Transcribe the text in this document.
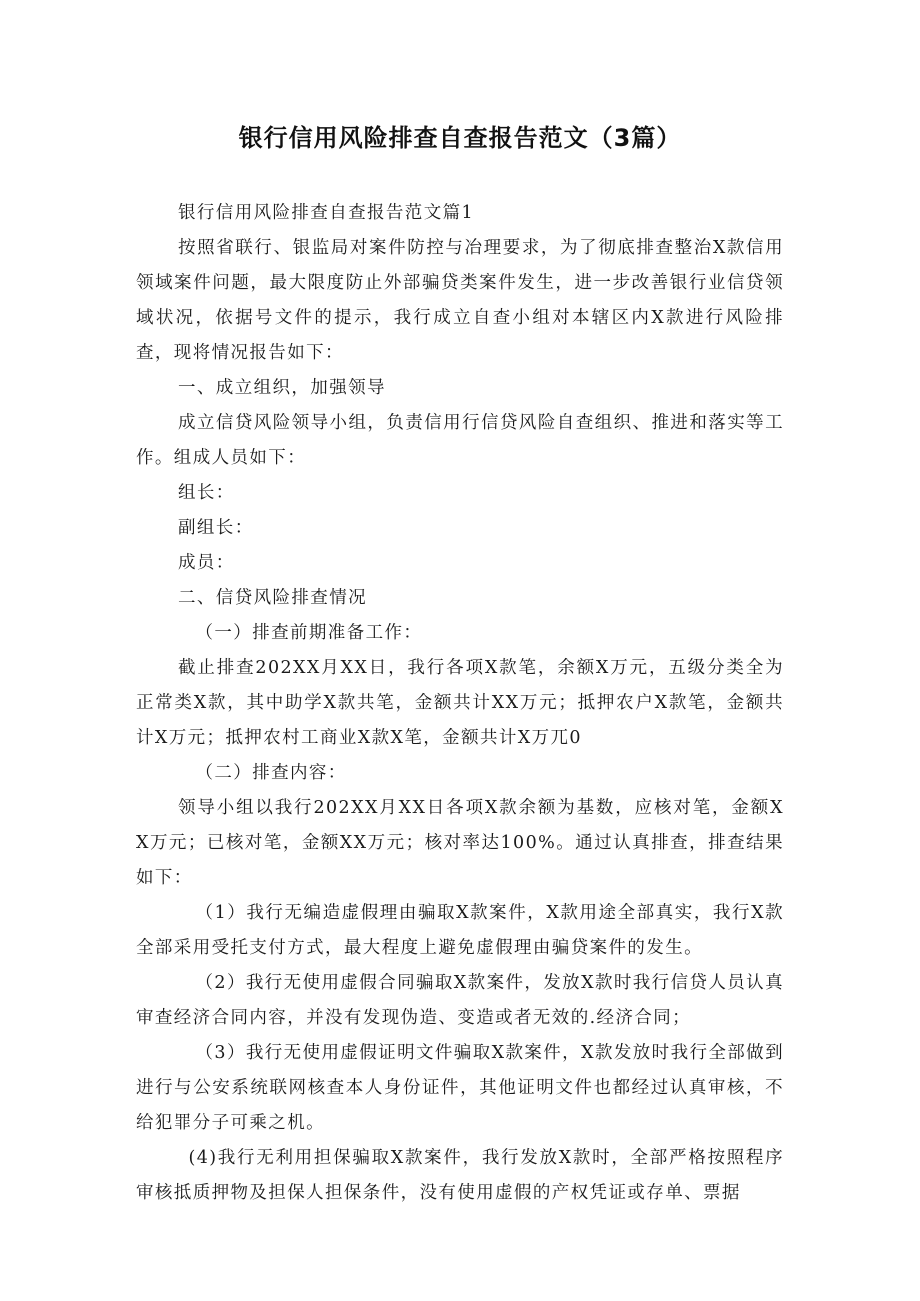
银行信用风险排查自查报告范文（3篇）

银行信用风险排查自查报告范文篇1

按照省联行、银监局对案件防控与冶理要求，为了彻底排查整治X款信用领域案件问题，最大限度防止外部骗贷类案件发生，进一步改善银行业信贷领域状况，依据号文件的提示，我行成立自查小组对本辖区内X款进行风险排查，现将情况报告如下：

一、成立组织，加强领导

成立信贷风险领导小组，负责信用行信贷风险自查组织、推进和落实等工作。组成人员如下：

组长：

副组长：

成员：

二、信贷风险排查情况

（一）排查前期准备工作：

截止排查202XX月XX日，我行各项X款笔，余额X万元，五级分类全为正常类X款，其中助学X款共笔，金额共计XX万元；抵押农户X款笔，金额共计X万元；抵押农村工商业X款X笔，金额共计X万兀0

（二）排查内容：

领导小组以我行202XX月XX日各项X款余额为基数，应核对笔，金额XX万元；已核对笔，金额XX万元；核对率达100%。通过认真排查，排查结果如下：

（1）我行无编造虚假理由骗取X款案件，X款用途全部真实，我行X款全部采用受托支付方式，最大程度上避免虚假理由骗贷案件的发生。

（2）我行无使用虚假合同骗取X款案件，发放X款时我行信贷人员认真审查经济合同内容，并没有发现伪造、变造或者无效的.经济合同；

（3）我行无使用虚假证明文件骗取X款案件，X款发放时我行全部做到进行与公安系统联网核查本人身份证件，其他证明文件也都经过认真审核，不给犯罪分子可乘之机。

(4)我行无利用担保骗取X款案件，我行发放X款时，全部严格按照程序审核抵质押物及担保人担保条件，没有使用虚假的产权凭证或存单、票据
